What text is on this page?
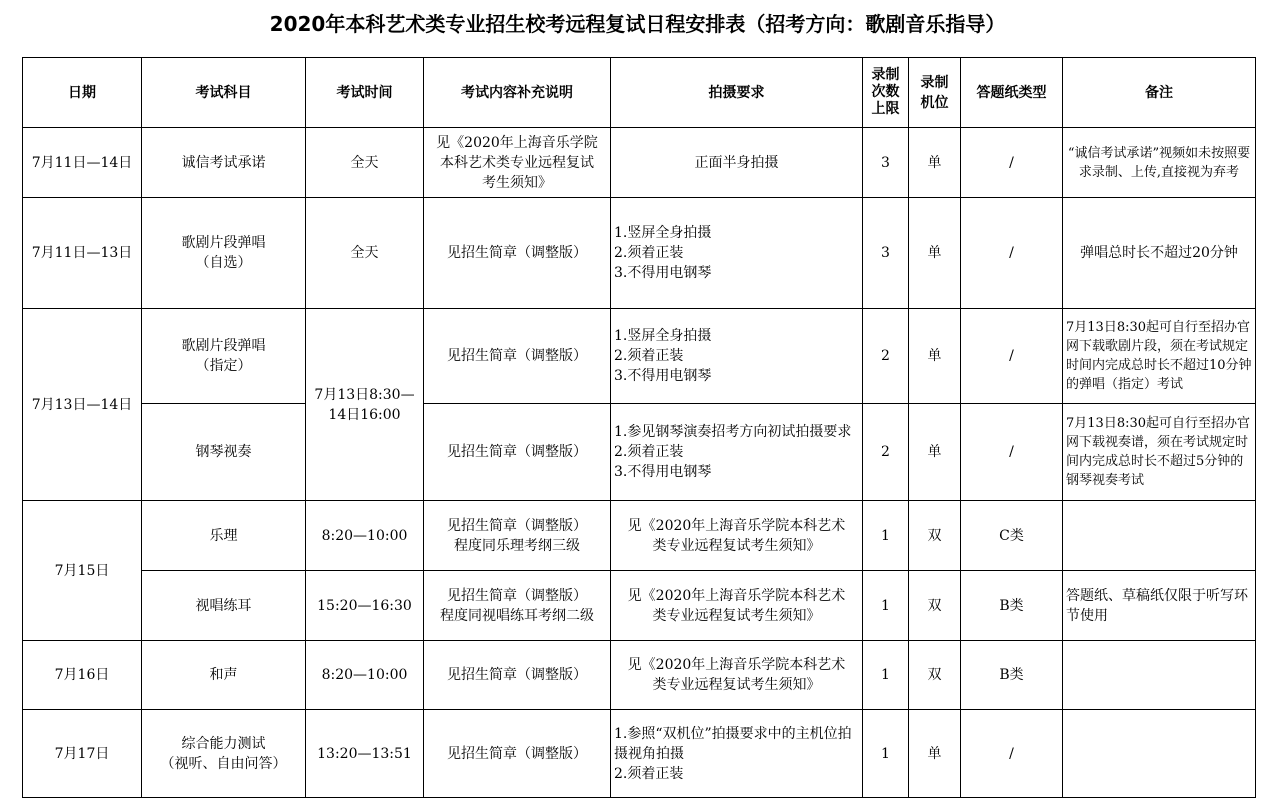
2020年本科艺术类专业招生校考远程复试日程安排表（招考方向：歌剧音乐指导）
日期	考试科目	考试时间	考试内容补充说明	拍摄要求	录制
次数
上限	录制
机位	答题纸类型	备注
7月11日—14日	诚信考试承诺	全天	见《2020年上海音乐学院
本科艺术类专业远程复试
考生须知》	正面半身拍摄	3	单	/	“诚信考试承诺”视频如未按照要求录制、上传,直接视为弃考
7月11日—13日	歌剧片段弹唱
（自选）	全天	见招生简章（调整版）	1.竖屏全身拍摄
2.须着正装
3.不得用电钢琴	3	单	/	弹唱总时长不超过20分钟
7月13日—14日	歌剧片段弹唱
（指定）	7月13日8:30—
14日16:00	见招生简章（调整版）	1.竖屏全身拍摄
2.须着正装
3.不得用电钢琴	2	单	/	7月13日8:30起可自行至招办官网下载歌剧片段，须在考试规定时间内完成总时长不超过10分钟的弹唱（指定）考试
	钢琴视奏		见招生简章（调整版）	1.参见钢琴演奏招考方向初试拍摄要求
2.须着正装
3.不得用电钢琴	2	单	/	7月13日8:30起可自行至招办官网下载视奏谱，须在考试规定时间内完成总时长不超过5分钟的钢琴视奏考试
7月15日	乐理	8:20—10:00	见招生简章（调整版）
程度同乐理考纲三级	见《2020年上海音乐学院本科艺术
类专业远程复试考生须知》	1	双	C类	
	视唱练耳	15:20—16:30	见招生简章（调整版）
程度同视唱练耳考纲二级	见《2020年上海音乐学院本科艺术
类专业远程复试考生须知》	1	双	B类	答题纸、草稿纸仅限于听写环节使用
7月16日	和声	8:20—10:00	见招生简章（调整版）	见《2020年上海音乐学院本科艺术
类专业远程复试考生须知》	1	双	B类	
7月17日	综合能力测试
（视听、自由问答）	13:20—13:51	见招生简章（调整版）	1.参照“双机位”拍摄要求中的主机位拍摄视角拍摄
2.须着正装	1	单	/	
